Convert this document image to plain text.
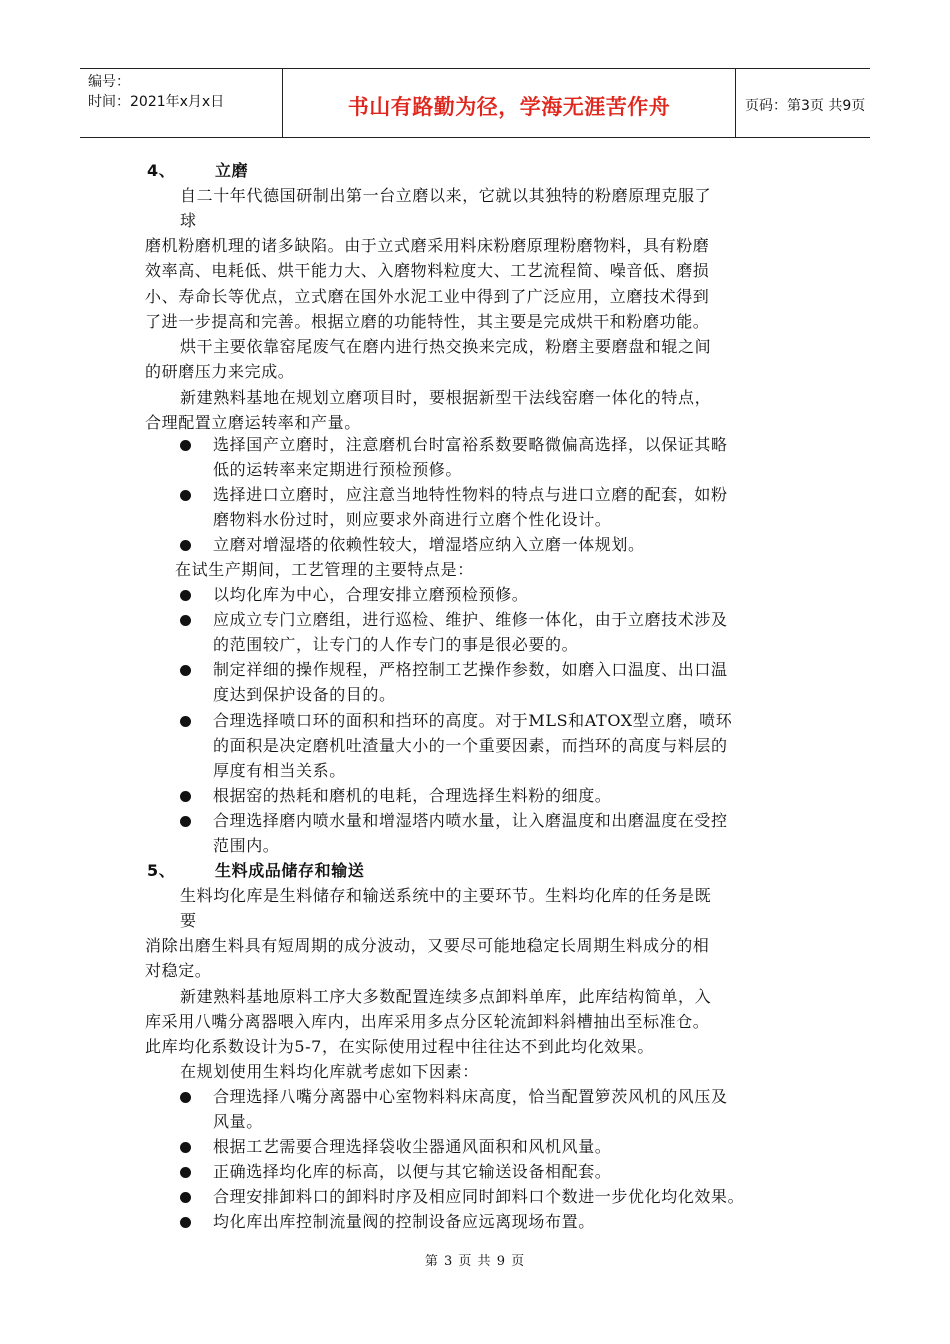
编号：
时间：2021年x月x日	书山有路勤为径，学海无涯苦作舟	页码：第3页 共9页
4、 立磨
自二十年代德国研制出第一台立磨以来，它就以其独特的粉磨原理克服了
球
磨机粉磨机理的诸多缺陷。由于立式磨采用料床粉磨原理粉磨物料，具有粉磨
效率高、电耗低、烘干能力大、入磨物料粒度大、工艺流程简、噪音低、磨损
小、寿命长等优点，立式磨在国外水泥工业中得到了广泛应用，立磨技术得到
了进一步提高和完善。根据立磨的功能特性，其主要是完成烘干和粉磨功能。
烘干主要依靠窑尾废气在磨内进行热交换来完成，粉磨主要磨盘和辊之间
的研磨压力来完成。
新建熟料基地在规划立磨项目时，要根据新型干法线窑磨一体化的特点，
合理配置立磨运转率和产量。
选择国产立磨时，注意磨机台时富裕系数要略微偏高选择，以保证其略
低的运转率来定期进行预检预修。
选择进口立磨时，应注意当地特性物料的特点与进口立磨的配套，如粉
磨物料水份过时，则应要求外商进行立磨个性化设计。
立磨对增湿塔的依赖性较大，增湿塔应纳入立磨一体规划。
在试生产期间，工艺管理的主要特点是：
以均化库为中心，合理安排立磨预检预修。
应成立专门立磨组，进行巡检、维护、维修一体化，由于立磨技术涉及
的范围较广，让专门的人作专门的事是很必要的。
制定祥细的操作规程，严格控制工艺操作参数，如磨入口温度、出口温
度达到保护设备的目的。
合理选择喷口环的面积和挡环的高度。对于MLS和ATOX型立磨，喷环
的面积是决定磨机吐渣量大小的一个重要因素，而挡环的高度与料层的
厚度有相当关系。
根据窑的热耗和磨机的电耗，合理选择生料粉的细度。
合理选择磨内喷水量和增湿塔内喷水量，让入磨温度和出磨温度在受控
范围内。
5、 生料成品储存和输送
生料均化库是生料储存和输送系统中的主要环节。生料均化库的任务是既
要
消除出磨生料具有短周期的成分波动，又要尽可能地稳定长周期生料成分的相
对稳定。
新建熟料基地原料工序大多数配置连续多点卸料单库，此库结构简单，入
库采用八嘴分离器喂入库内，出库采用多点分区轮流卸料斜槽抽出至标准仓。
此库均化系数设计为5-7，在实际使用过程中往往达不到此均化效果。
在规划使用生料均化库就考虑如下因素：
合理选择八嘴分离器中心室物料料床高度，恰当配置箩茨风机的风压及
风量。
根据工艺需要合理选择袋收尘器通风面积和风机风量。
正确选择均化库的标高，以便与其它输送设备相配套。
合理安排卸料口的卸料时序及相应同时卸料口个数进一步优化均化效果。
均化库出库控制流量阀的控制设备应远离现场布置。
第 3 页 共 9 页
